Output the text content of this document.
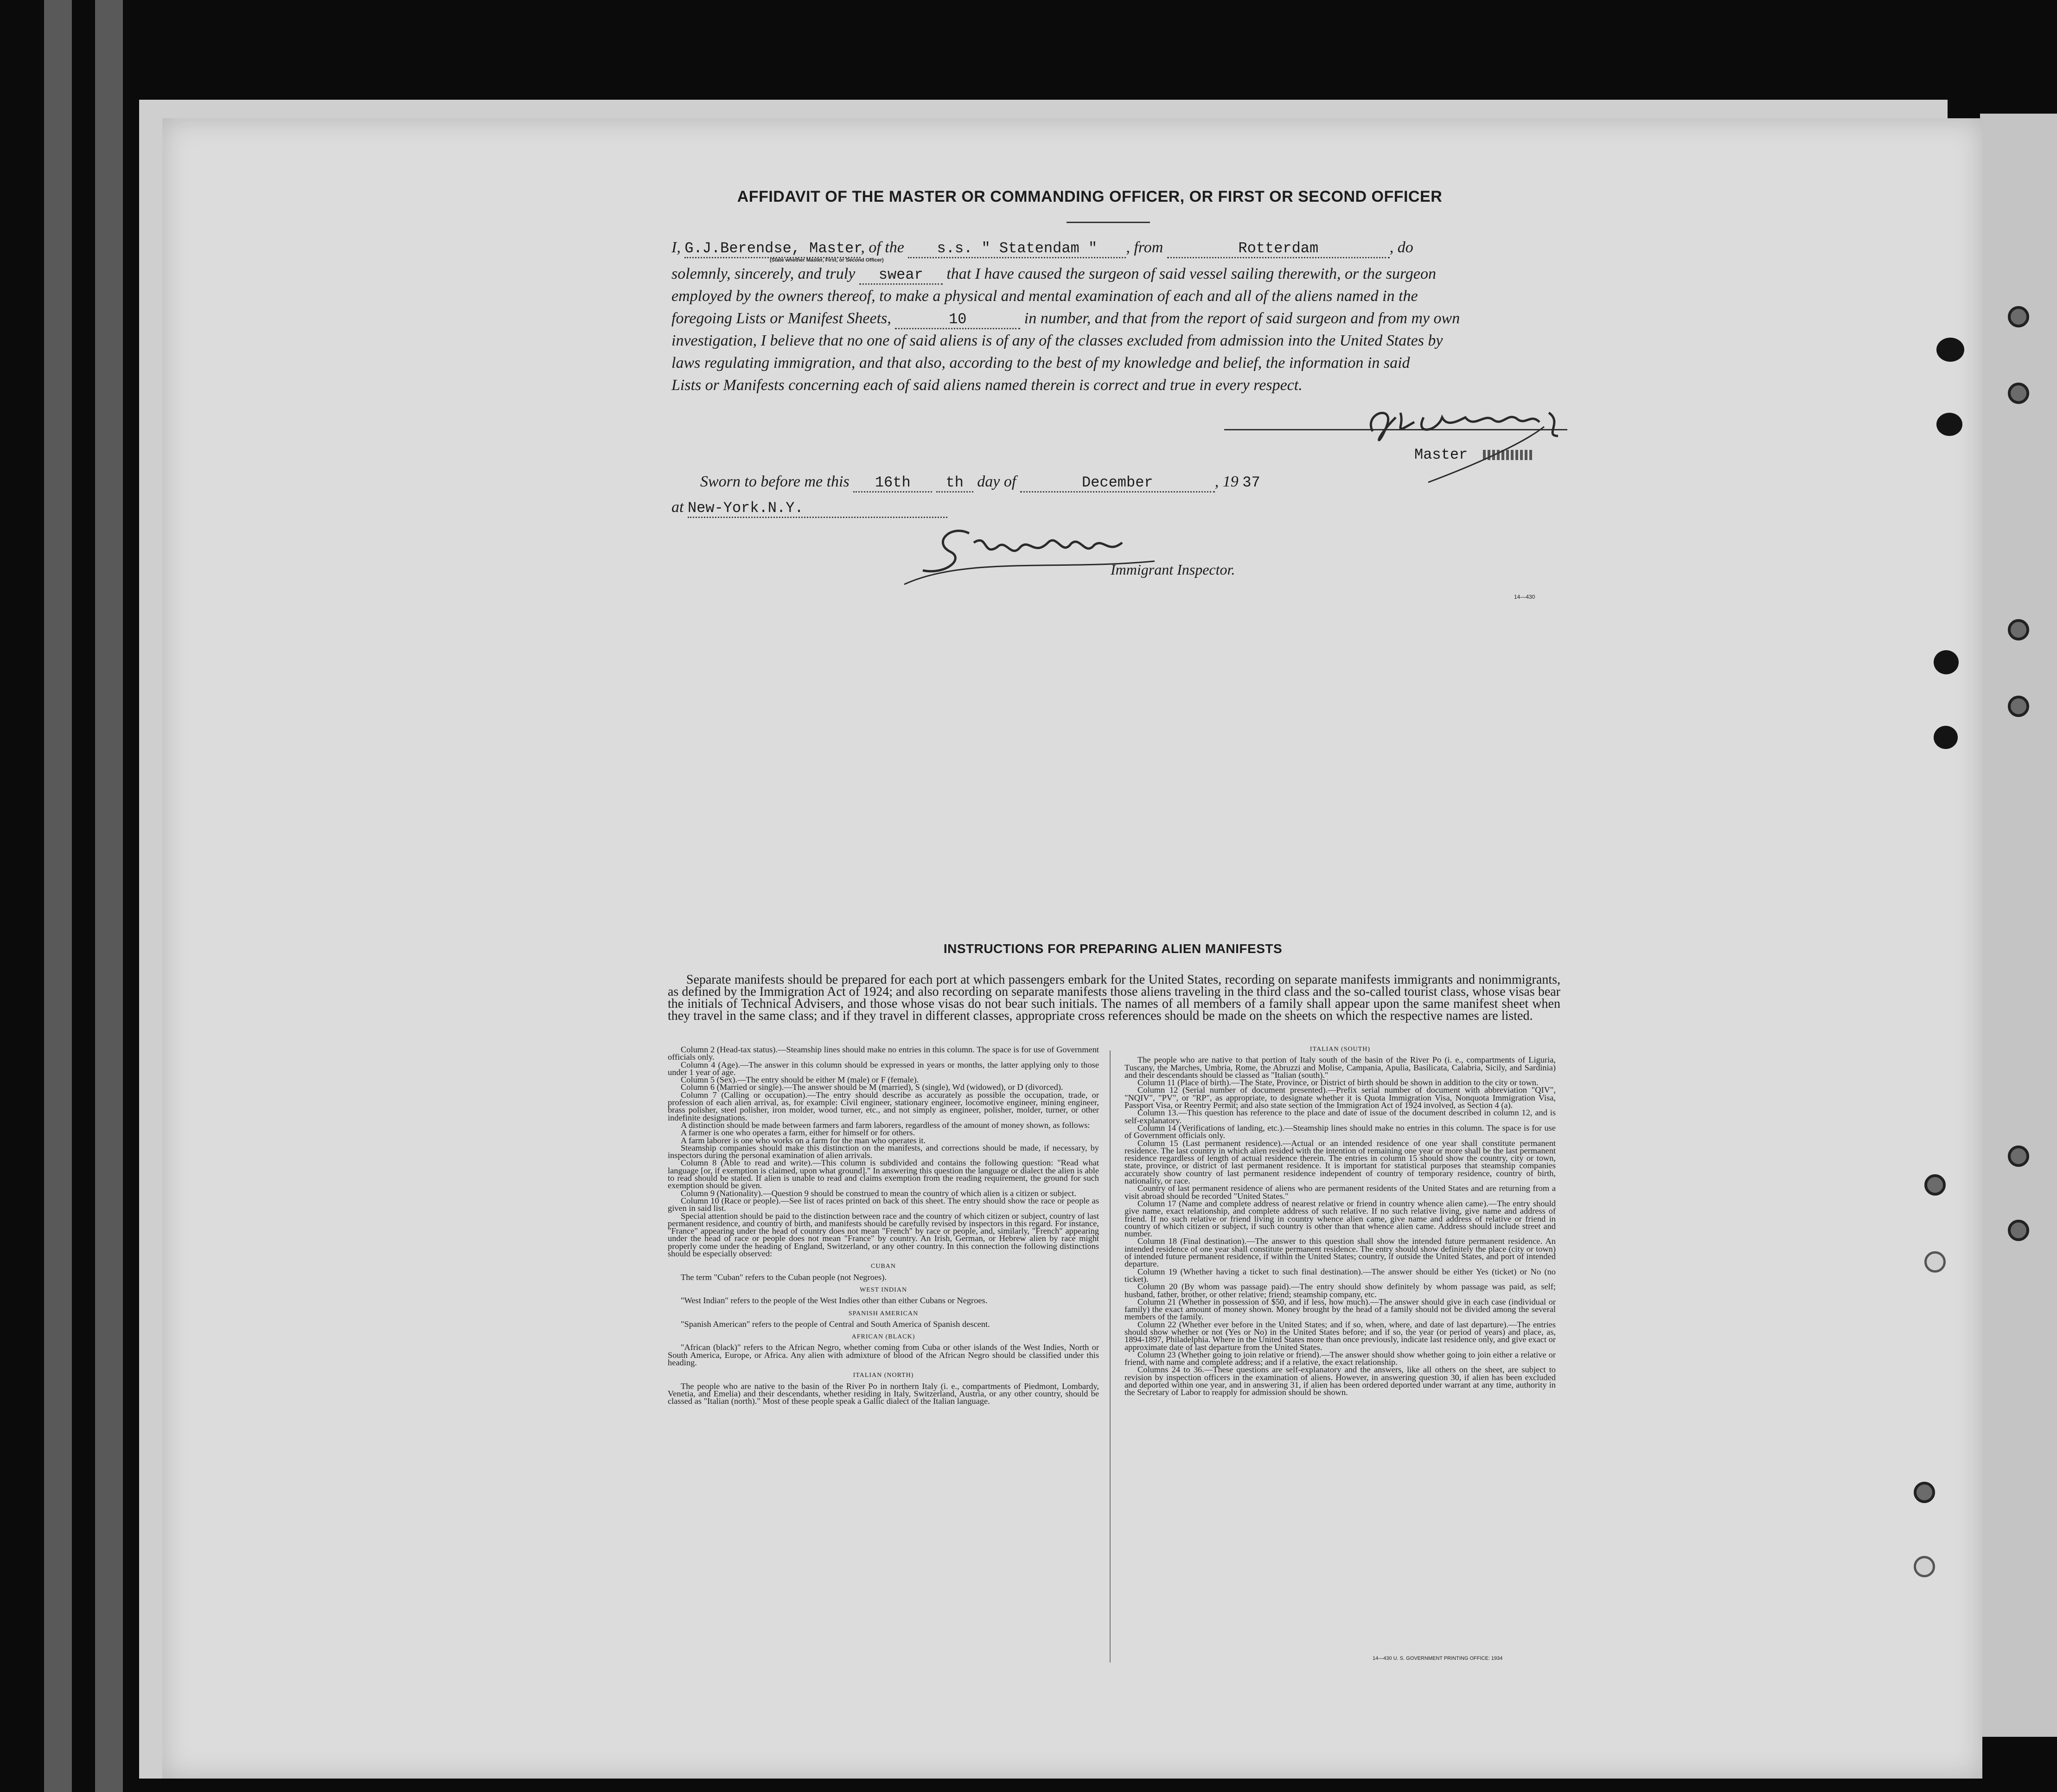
AFFIDAVIT OF THE MASTER OR COMMANDING OFFICER, OR FIRST OR SECOND OFFICER
I, G.J.Berendse, Master, of the s.s. " Statendam " , from	Rotterdam	, do
(State whether Master, First, or Second Officer)
solemnly, sincerely, and truly swear that I have caused the surgeon of said vessel sailing therewith, or the surgeon
employed by the owners thereof, to make a physical and mental examination of each and all of the aliens named in the
foregoing Lists or Manifest Sheets,	10	in number, and that from the report of said surgeon and from my own
investigation, I believe that no one of said aliens is of any of the classes excluded from admission into the United States by
laws regulating immigration, and that also, according to the best of my knowledge and belief, the information in said
Lists or Manifests concerning each of said aliens named therein is correct and true in every respect.
Master
Sworn to before me this 16th th day of	December	, 19 37
at New-York.N.Y.
Immigrant Inspector.
14—430
INSTRUCTIONS FOR PREPARING ALIEN MANIFESTS
Separate manifests should be prepared for each port at which passengers embark for the United States, recording on separate manifests immigrants and nonimmigrants, as defined by the Immigration Act of 1924; and also recording on separate manifests those aliens traveling in the third class and the so-called tourist class, whose visas bear the initials of Technical Advisers, and those whose visas do not bear such initials. The names of all members of a family shall appear upon the same manifest sheet when they travel in the same class; and if they travel in different classes, appropriate cross references should be made on the sheets on which the respective names are listed.

Column 2 (Head-tax status).—Steamship lines should make no entries in this column. The space is for use of Government officials only.

Column 4 (Age).—The answer in this column should be expressed in years or months, the latter applying only to those under 1 year of age.

Column 5 (Sex).—The entry should be either M (male) or F (female).

Column 6 (Married or single).—The answer should be M (married), S (single), Wd (widowed), or D (divorced).

Column 7 (Calling or occupation).—The entry should describe as accurately as possible the occupation, trade, or profession of each alien arrival, as, for example: Civil engineer, stationary engineer, locomotive engineer, mining engineer, brass polisher, steel polisher, iron molder, wood turner, etc., and not simply as engineer, polisher, molder, turner, or other indefinite designations.

A distinction should be made between farmers and farm laborers, regardless of the amount of money shown, as follows:

A farmer is one who operates a farm, either for himself or for others.

A farm laborer is one who works on a farm for the man who operates it.

Steamship companies should make this distinction on the manifests, and corrections should be made, if necessary, by inspectors during the personal examination of alien arrivals.

Column 8 (Able to read and write).—This column is subdivided and contains the following question: "Read what language [or, if exemption is claimed, upon what ground]." In answering this question the language or dialect the alien is able to read should be stated. If alien is unable to read and claims exemption from the reading requirement, the ground for such exemption should be given.

Column 9 (Nationality).—Question 9 should be construed to mean the country of which alien is a citizen or subject.

Column 10 (Race or people).—See list of races printed on back of this sheet. The entry should show the race or people as given in said list.

Special attention should be paid to the distinction between race and the country of which citizen or subject, country of last permanent residence, and country of birth, and manifests should be carefully revised by inspectors in this regard. For instance, "France" appearing under the head of country does not mean "French" by race or people, and, similarly, "French" appearing under the head of race or people does not mean "France" by country. An Irish, German, or Hebrew alien by race might properly come under the heading of England, Switzerland, or any other country. In this connection the following distinctions should be especially observed:

CUBAN

The term "Cuban" refers to the Cuban people (not Negroes).

WEST INDIAN

"West Indian" refers to the people of the West Indies other than either Cubans or Negroes.

SPANISH AMERICAN

"Spanish American" refers to the people of Central and South America of Spanish descent.

AFRICAN (BLACK)

"African (black)" refers to the African Negro, whether coming from Cuba or other islands of the West Indies, North or South America, Europe, or Africa. Any alien with admixture of blood of the African Negro should be classified under this heading.

ITALIAN (NORTH)

The people who are native to the basin of the River Po in northern Italy (i. e., compartments of Piedmont, Lombardy, Venetia, and Emelia) and their descendants, whether residing in Italy, Switzerland, Austria, or any other country, should be classed as "Italian (north)." Most of these people speak a Gallic dialect of the Italian language.

ITALIAN (SOUTH)

The people who are native to that portion of Italy south of the basin of the River Po (i. e., compartments of Liguria, Tuscany, the Marches, Umbria, Rome, the Abruzzi and Molise, Campania, Apulia, Basilicata, Calabria, Sicily, and Sardinia) and their descendants should be classed as "Italian (south)."

Column 11 (Place of birth).—The State, Province, or District of birth should be shown in addition to the city or town.

Column 12 (Serial number of document presented).—Prefix serial number of document with abbreviation "QIV", "NQIV", "PV", or "RP", as appropriate, to designate whether it is Quota Immigration Visa, Nonquota Immigration Visa, Passport Visa, or Reentry Permit; and also state section of the Immigration Act of 1924 involved, as Section 4 (a).

Column 13.—This question has reference to the place and date of issue of the document described in column 12, and is self-explanatory.

Column 14 (Verifications of landing, etc.).—Steamship lines should make no entries in this column. The space is for use of Government officials only.

Column 15 (Last permanent residence).—Actual or an intended residence of one year shall constitute permanent residence. The last country in which alien resided with the intention of remaining one year or more shall be the last permanent residence regardless of length of actual residence therein. The entries in column 15 should show the country, city or town, state, province, or district of last permanent residence. It is important for statistical purposes that steamship companies accurately show country of last permanent residence independent of country of temporary residence, country of birth, nationality, or race.

Country of last permanent residence of aliens who are permanent residents of the United States and are returning from a visit abroad should be recorded "United States."

Column 17 (Name and complete address of nearest relative or friend in country whence alien came).—The entry should give name, exact relationship, and complete address of such relative. If no such relative living, give name and address of friend. If no such relative or friend living in country whence alien came, give name and address of relative or friend in country of which citizen or subject, if such country is other than that whence alien came. Address should include street and number.

Column 18 (Final destination).—The answer to this question shall show the intended future permanent residence. An intended residence of one year shall constitute permanent residence. The entry should show definitely the place (city or town) of intended future permanent residence, if within the United States; country, if outside the United States, and port of intended departure.

Column 19 (Whether having a ticket to such final destination).—The answer should be either Yes (ticket) or No (no ticket).

Column 20 (By whom was passage paid).—The entry should show definitely by whom passage was paid, as self; husband, father, brother, or other relative; friend; steamship company, etc.

Column 21 (Whether in possession of $50, and if less, how much).—The answer should give in each case (individual or family) the exact amount of money shown. Money brought by the head of a family should not be divided among the several members of the family.

Column 22 (Whether ever before in the United States; and if so, when, where, and date of last departure).—The entries should show whether or not (Yes or No) in the United States before; and if so, the year (or period of years) and place, as, 1894-1897, Philadelphia. Where in the United States more than once previously, indicate last residence only, and give exact or approximate date of last departure from the United States.

Column 23 (Whether going to join relative or friend).—The answer should show whether going to join either a relative or friend, with name and complete address; and if a relative, the exact relationship.

Columns 24 to 36.—These questions are self-explanatory and the answers, like all others on the sheet, are subject to revision by inspection officers in the examination of aliens. However, in answering question 30, if alien has been excluded and deported within one year, and in answering 31, if alien has been ordered deported under warrant at any time, authority in the Secretary of Labor to reapply for admission should be shown.

14—430 U. S. GOVERNMENT PRINTING OFFICE: 1934
